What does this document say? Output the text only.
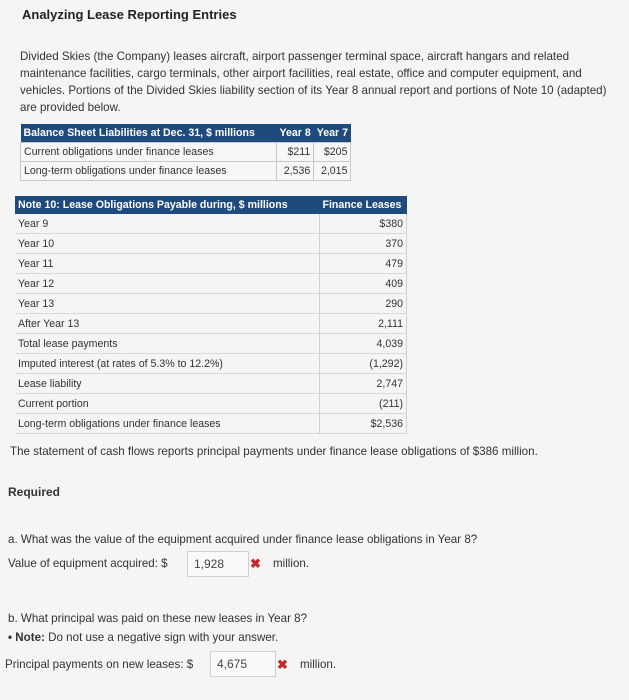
Analyzing Lease Reporting Entries
Divided Skies (the Company) leases aircraft, airport passenger terminal space, aircraft hangars and related maintenance facilities, cargo terminals, other airport facilities, real estate, office and computer equipment, and vehicles. Portions of the Divided Skies liability section of its Year 8 annual report and portions of Note 10 (adapted) are provided below.
Balance Sheet Liabilities at Dec. 31, $ millions	Year 8	Year 7
Current obligations under finance leases	$211	$205
Long-term obligations under finance leases	2,536	2,015
Note 10: Lease Obligations Payable during, $ millions	Finance Leases
Year 9	$380
Year 10	370
Year 11	479
Year 12	409
Year 13	290
After Year 13	2,111
Total lease payments	4,039
Imputed interest (at rates of 5.3% to 12.2%)	(1,292)
Lease liability	2,747
Current portion	(211)
Long-term obligations under finance leases	$2,536
The statement of cash flows reports principal payments under finance lease obligations of $386 million.
Required
a. What was the value of the equipment acquired under finance lease obligations in Year 8?
Value of equipment acquired: $	1,928	✖ million.
b. What principal was paid on these new leases in Year 8?
• Note: Do not use a negative sign with your answer.
Principal payments on new leases: $	4,675	✖ million.
